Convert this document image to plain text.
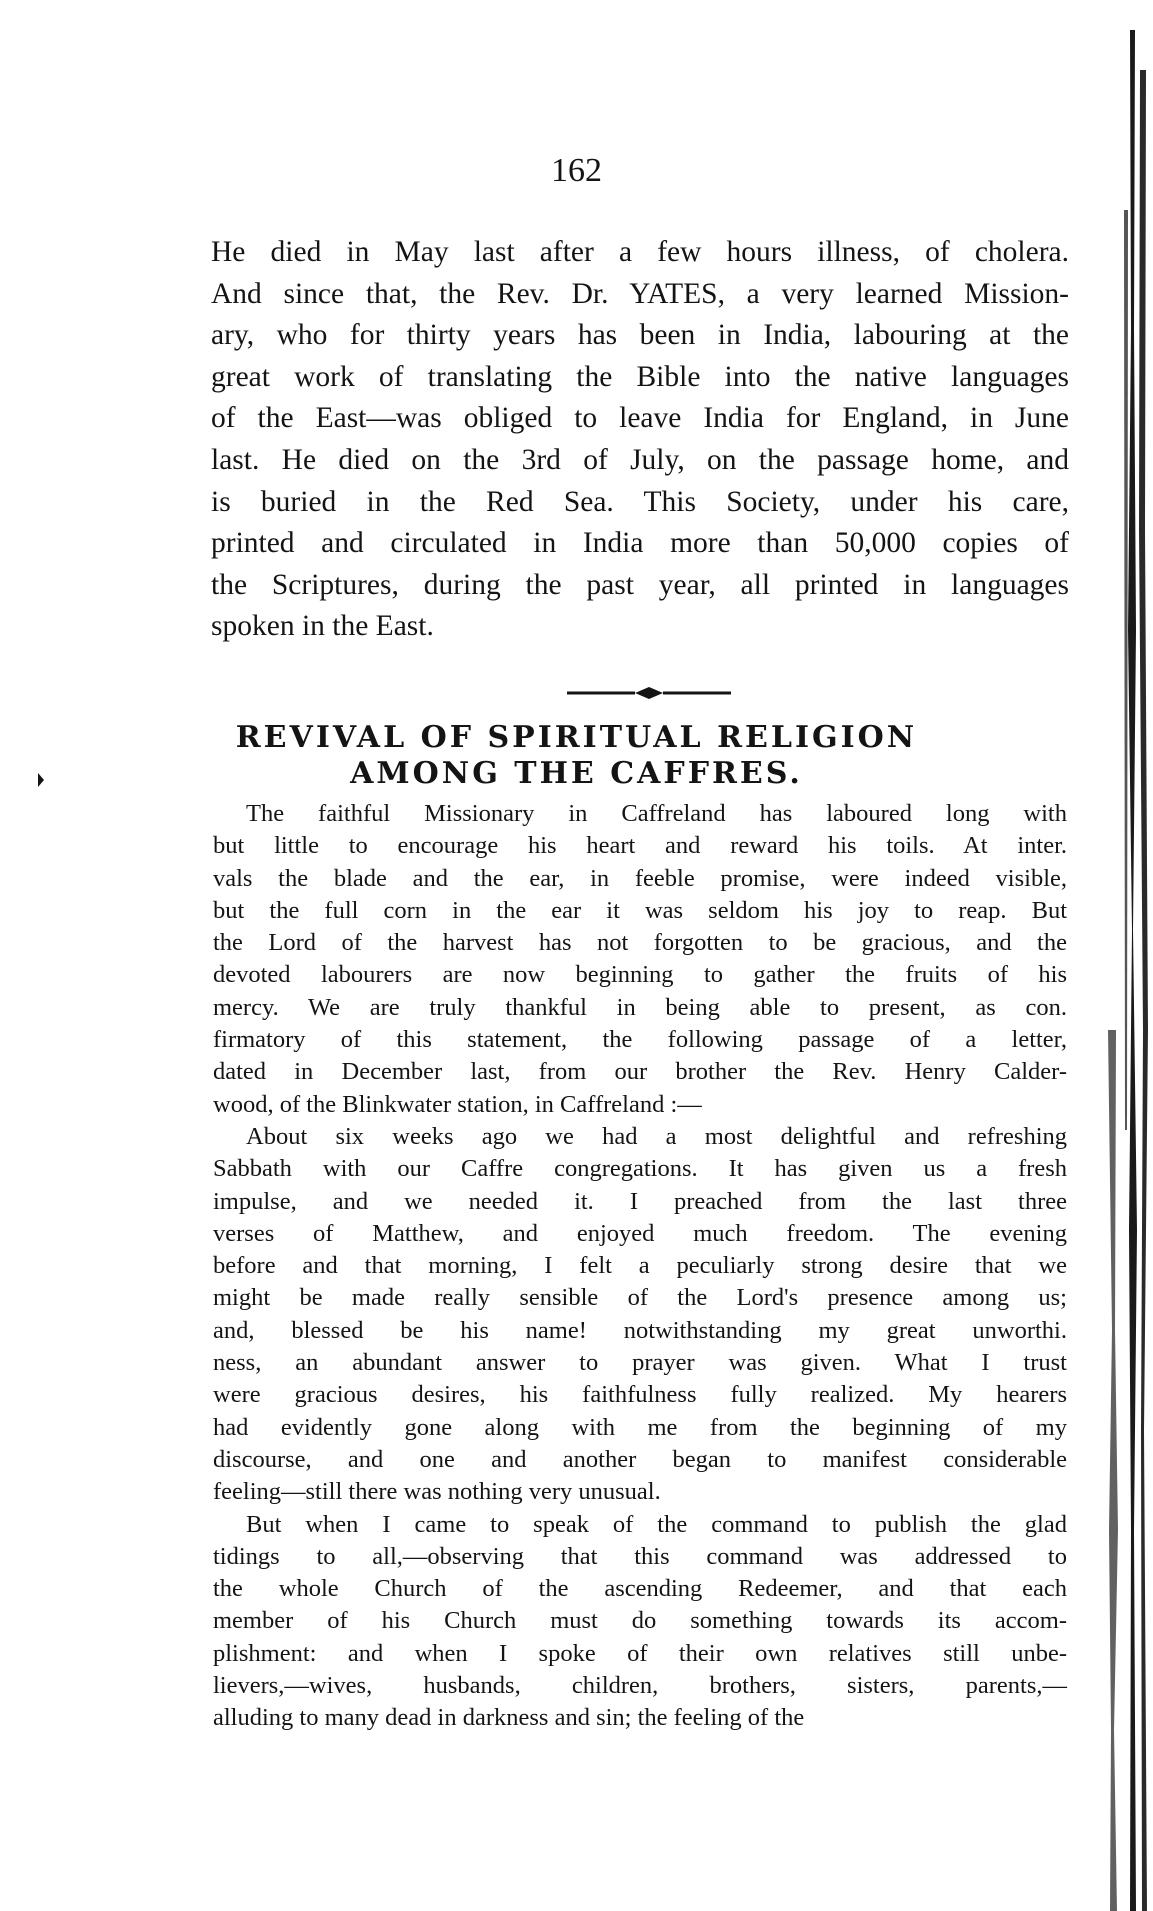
162
He died in May last after a few hours illness, of cholera.
And since that, the Rev. Dr. YATES, a very learned Mission-
ary, who for thirty years has been in India, labouring at the
great work of translating the Bible into the native languages
of the East—was obliged to leave India for England, in June
last. He died on the 3rd of July, on the passage home, and
is buried in the Red Sea. This Society, under his care,
printed and circulated in India more than 50,000 copies of
the Scriptures, during the past year, all printed in languages
spoken in the East.
REVIVAL OF SPIRITUAL RELIGION
AMONG THE CAFFRES.
The faithful Missionary in Caffreland has laboured long with
but little to encourage his heart and reward his toils. At inter.
vals the blade and the ear, in feeble promise, were indeed visible,
but the full corn in the ear it was seldom his joy to reap. But
the Lord of the harvest has not forgotten to be gracious, and the
devoted labourers are now beginning to gather the fruits of his
mercy. We are truly thankful in being able to present, as con.
firmatory of this statement, the following passage of a letter,
dated in December last, from our brother the Rev. Henry Calder-
wood, of the Blinkwater station, in Caffreland :—
About six weeks ago we had a most delightful and refreshing
Sabbath with our Caffre congregations. It has given us a fresh
impulse, and we needed it. I preached from the last three
verses of Matthew, and enjoyed much freedom. The evening
before and that morning, I felt a peculiarly strong desire that we
might be made really sensible of the Lord's presence among us;
and, blessed be his name! notwithstanding my great unworthi.
ness, an abundant answer to prayer was given. What I trust
were gracious desires, his faithfulness fully realized. My hearers
had evidently gone along with me from the beginning of my
discourse, and one and another began to manifest considerable
feeling—still there was nothing very unusual.
But when I came to speak of the command to publish the glad
tidings to all,—observing that this command was addressed to
the whole Church of the ascending Redeemer, and that each
member of his Church must do something towards its accom-
plishment: and when I spoke of their own relatives still unbe-
lievers,—wives, husbands, children, brothers, sisters, parents,—
alluding to many dead in darkness and sin; the feeling of the
